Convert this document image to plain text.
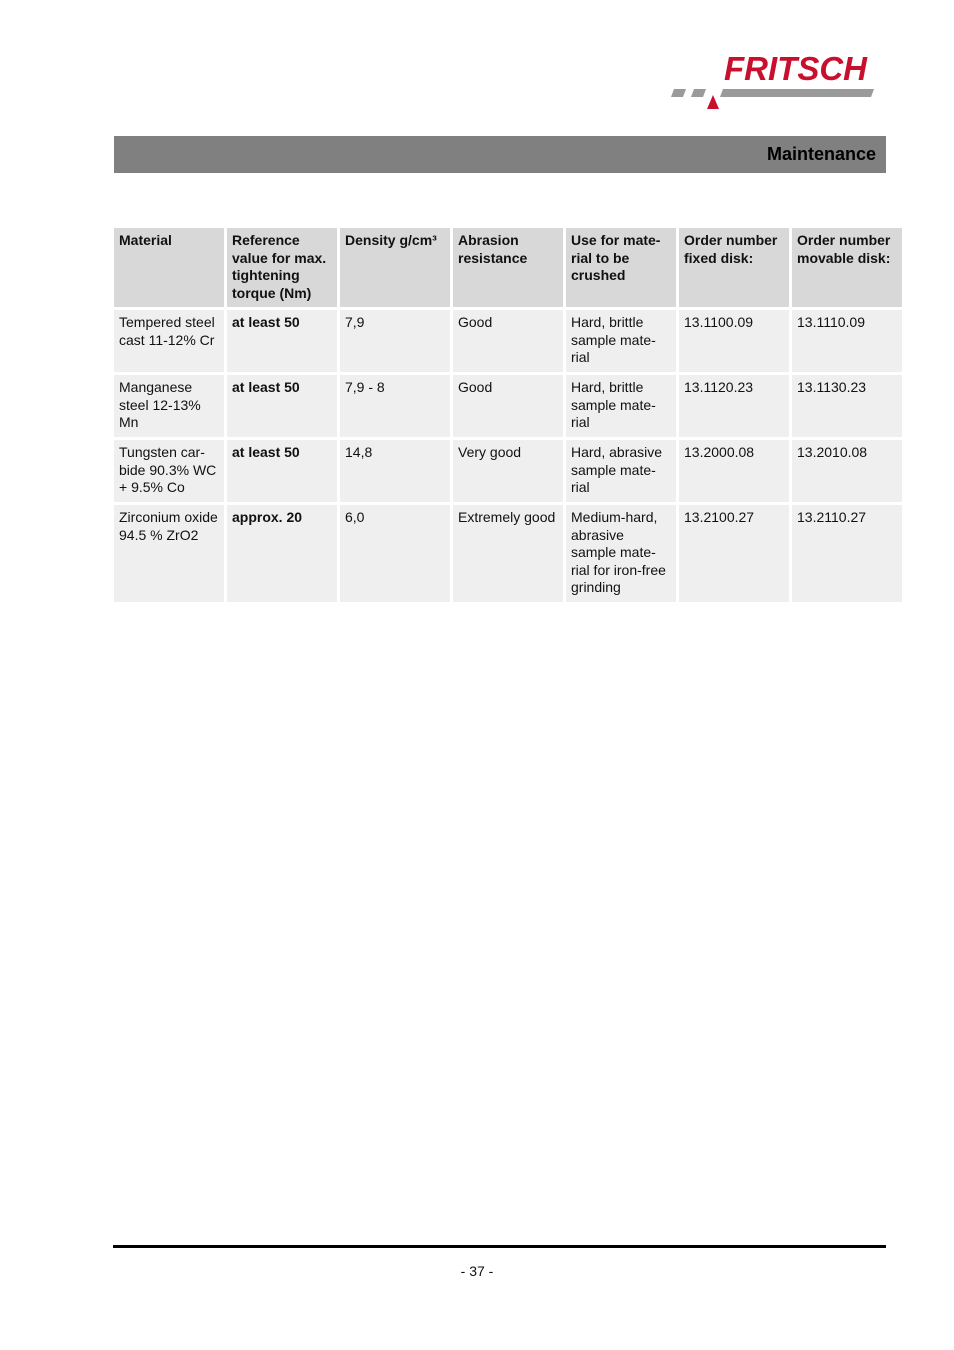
FRITSCH
Maintenance
Material	Reference value for max. tightening torque (Nm)	Density g/cm³	Abrasion resistance	Use for mate-rial to be crushed	Order number fixed disk:	Order number movable disk:
Tempered steel cast 11-12% Cr	at least 50	7,9	Good	Hard, brittle sample mate-rial	13.1100.09	13.1110.09
Manganese steel 12-13% Mn	at least 50	7,9 - 8	Good	Hard, brittle sample mate-rial	13.1120.23	13.1130.23
Tungsten car-bide 90.3% WC + 9.5% Co	at least 50	14,8	Very good	Hard, abrasive sample mate-rial	13.2000.08	13.2010.08
Zirconium oxide 94.5 % ZrO2	approx. 20	6,0	Extremely good	Medium-hard, abrasive sample mate-rial for iron-free grinding	13.2100.27	13.2110.27
- 37 -
